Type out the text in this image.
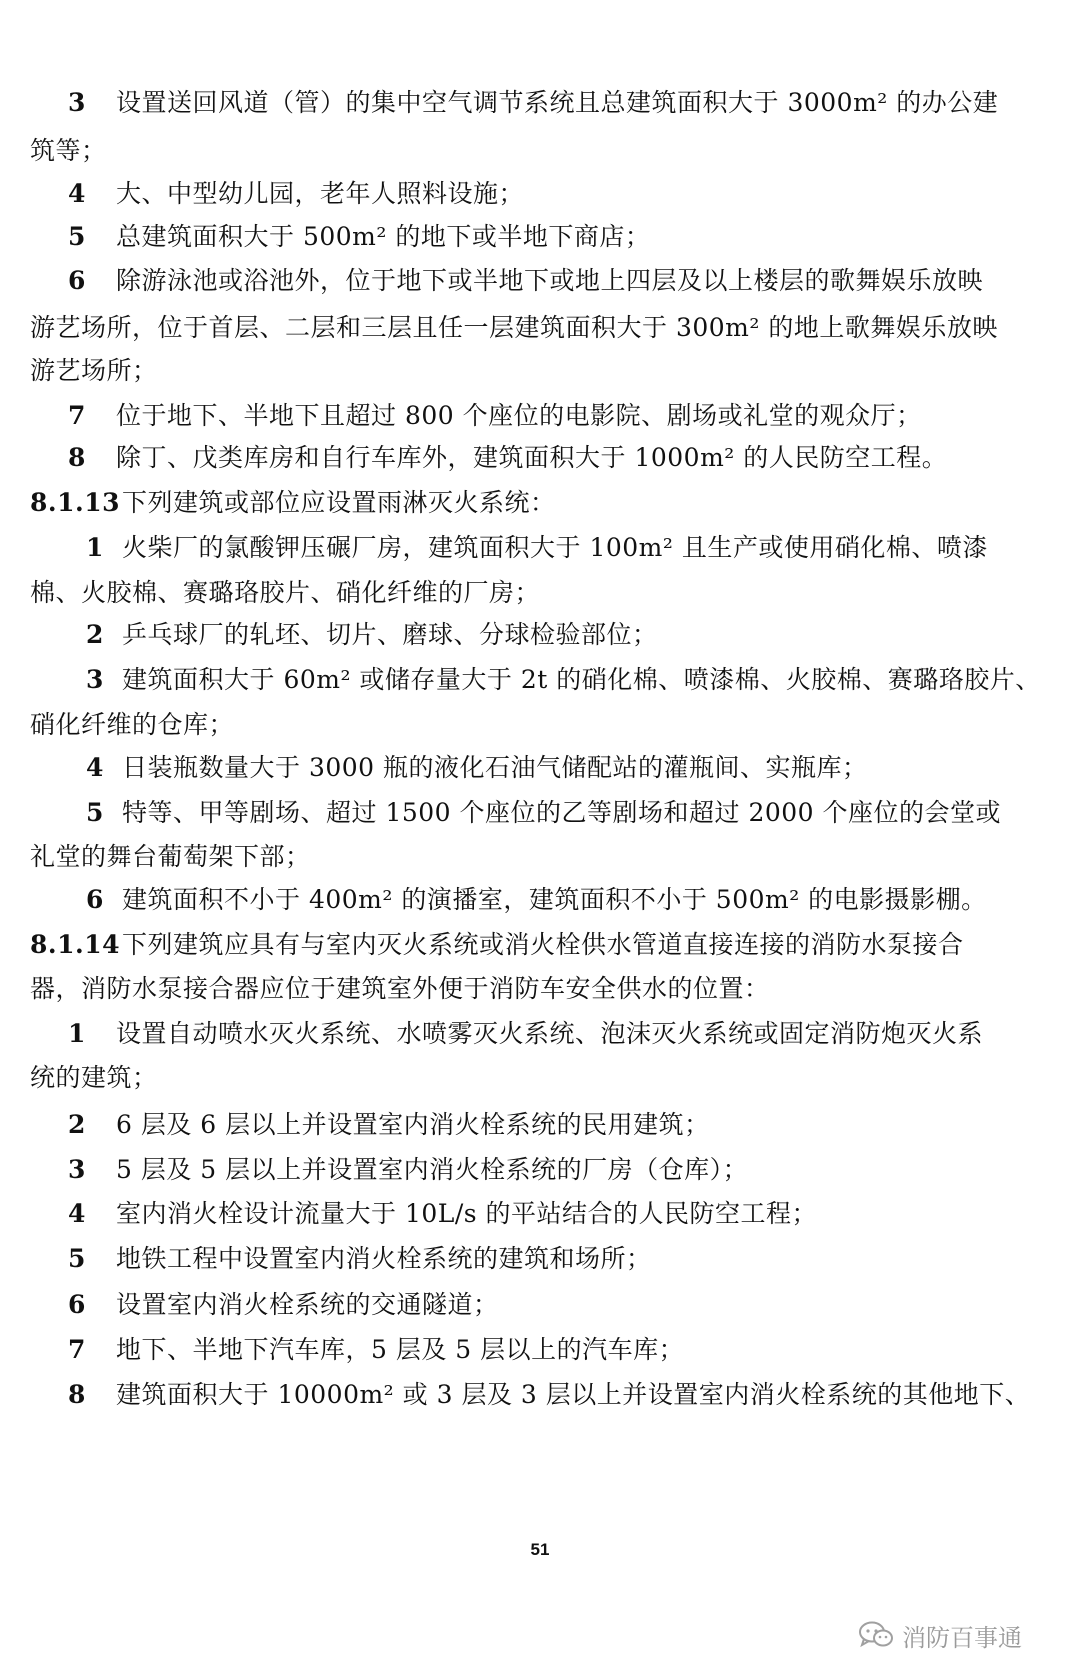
3 设置送回风道（管）的集中空气调节系统且总建筑面积大于 3000m² 的办公建
筑等；
4 大、中型幼儿园，老年人照料设施；
5 总建筑面积大于 500m² 的地下或半地下商店；
6 除游泳池或浴池外，位于地下或半地下或地上四层及以上楼层的歌舞娱乐放映
游艺场所，位于首层、二层和三层且任一层建筑面积大于 300m² 的地上歌舞娱乐放映
游艺场所；
7 位于地下、半地下且超过 800 个座位的电影院、剧场或礼堂的观众厅；
8 除丁、戊类库房和自行车库外，建筑面积大于 1000m² 的人民防空工程。
8.1.13 下列建筑或部位应设置雨淋灭火系统：
1 火柴厂的氯酸钾压碾厂房，建筑面积大于 100m² 且生产或使用硝化棉、喷漆
棉、火胶棉、赛璐珞胶片、硝化纤维的厂房；
2 乒乓球厂的轧坯、切片、磨球、分球检验部位；
3 建筑面积大于 60m² 或储存量大于 2t 的硝化棉、喷漆棉、火胶棉、赛璐珞胶片、
硝化纤维的仓库；
4 日装瓶数量大于 3000 瓶的液化石油气储配站的灌瓶间、实瓶库；
5 特等、甲等剧场、超过 1500 个座位的乙等剧场和超过 2000 个座位的会堂或
礼堂的舞台葡萄架下部；
6 建筑面积不小于 400m² 的演播室，建筑面积不小于 500m² 的电影摄影棚。
8.1.14 下列建筑应具有与室内灭火系统或消火栓供水管道直接连接的消防水泵接合
器，消防水泵接合器应位于建筑室外便于消防车安全供水的位置：
1 设置自动喷水灭火系统、水喷雾灭火系统、泡沫灭火系统或固定消防炮灭火系
统的建筑；
2 6 层及 6 层以上并设置室内消火栓系统的民用建筑；
3 5 层及 5 层以上并设置室内消火栓系统的厂房（仓库）；
4 室内消火栓设计流量大于 10L/s 的平站结合的人民防空工程；
5 地铁工程中设置室内消火栓系统的建筑和场所；
6 设置室内消火栓系统的交通隧道；
7 地下、半地下汽车库，5 层及 5 层以上的汽车库；
8 建筑面积大于 10000m² 或 3 层及 3 层以上并设置室内消火栓系统的其他地下、
51
消防百事通
